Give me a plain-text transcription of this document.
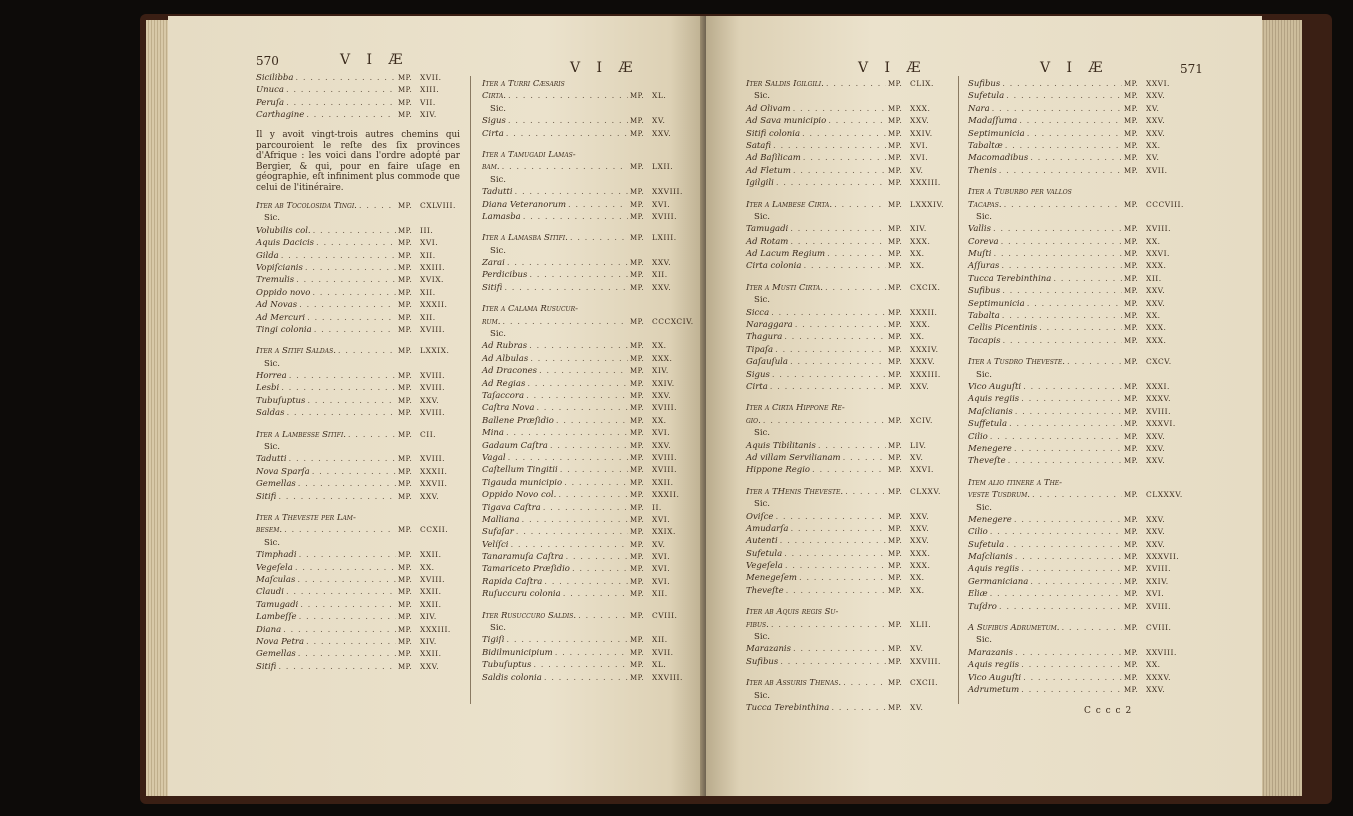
570	V I Æ	V I Æ
Sicilibba . . .	MP.	XVII.
Unuca . . .	MP.	XIII.
Peruſa . . .	MP.	VII.
Carthagine . . .	MP.	XIV.
Il y avoit vingt-trois autres chemins qui parcouroient le reſte des ſix provinces d'Afrique : les voici dans l'ordre adopté par Bergier, & qui, pour en faire uſage en géographie, eſt infiniment plus commode que celui de l'itinéraire.
Iter ab Tocolosida Tingi. . . .	MP.	CXLVIII.
Sic.
Volubilis col. . . .	MP.	III.
Aquis Dacicis . . .	MP.	XVI.
Gilda . . .	MP.	XII.
Vopiſcianis . . .	MP.	XXIII.
Tremulis . . .	MP.	XVIX.
Oppido novo . . .	MP.	XII.
Ad Novas . . .	MP.	XXXII.
Ad Mercuri . . .	MP.	XII.
Tingi colonia . . .	MP.	XVIII.
Iter a Sitifi Saldas. . . .	MP.	LXXIX.
Sic.
Horrea . . .	MP.	XVIII.
Lesbi . . .	MP.	XVIII.
Tubuſuptus . . .	MP.	XXV.
Saldas . . .	MP.	XVIII.
Iter a Lambesse Sitifi. . . .	MP.	CII.
Sic.
Tadutti . . .	MP.	XVIII.
Nova Sparſa . . .	MP.	XXXII.
Gemellas . . .	MP.	XXVII.
Sitifi . . .	MP.	XXV.
Iter a Theveste per Lam-
besem. . . .	MP.	CCXII.
Sic.
Timphadi . . .	MP.	XXII.
Vegeſela . . .	MP.	XX.
Maſculas . . .	MP.	XVIII.
Claudi . . .	MP.	XXII.
Tamugadi . . .	MP.	XXII.
Lambeſſe . . .	MP.	XIV.
Diana . . .	MP.	XXXIII.
Nova Petra . . .	MP.	XIV.
Gemellas . . .	MP.	XXII.
Sitifi . . .	MP.	XXV.
Iter a Turri Cæsaris
Cirta. . . .	MP.	XL.
Sic.
Sigus . . .	MP.	XV.
Cirta . . .	MP.	XXV.
Iter a Tamugadi Lamas-
bam. . . .	MP.	LXII.
Sic.
Tadutti . . .	MP.	XXVIII.
Diana Veteranorum . . .	MP.	XVI.
Lamasba . . .	MP.	XVIII.
Iter a Lamasba Sitifi. . . .	MP.	LXIII.
Sic.
Zarai . . .	MP.	XXV.
Perdicibus . . .	MP.	XII.
Sitifi . . .	MP.	XXV.
Iter a Calama Rusucur-
rum. . . .	MP.	CCCXCIV.
Sic.
Ad Rubras . . .	MP.	XX.
Ad Albulas . . .	MP.	XXX.
Ad Dracones . . .	MP.	XIV.
Ad Regias . . .	MP.	XXIV.
Taſaccora . . .	MP.	XXV.
Caſtra Nova . . .	MP.	XVIII.
Ballene Præſidio . . .	MP.	XX.
Mina . . .	MP.	XVI.
Gadaum Caſtra . . .	MP.	XXV.
Vagal . . .	MP.	XVIII.
Caſtellum Tingitii . . .	MP.	XVIII.
Tigauda municipio . . .	MP.	XXII.
Oppido Novo col. . . .	MP.	XXXII.
Tigava Caſtra . . .	MP.	II.
Malliana . . .	MP.	XVI.
Sufaſar . . .	MP.	XXIX.
Velíſci . . .	MP.	XV.
Tanaramuſa Caſtra . . .	MP.	XVI.
Tamariceto Præſidio . . .	MP.	XVI.
Rapida Caſtra . . .	MP.	XVI.
Ruſuccuru colonia . . .	MP.	XII.
Iter Rusuccuro Saldis. . . .	MP.	CVIII.
Sic.
Tigiſi . . .	MP.	XII.
Bidilmunicipium . . .	MP.	XVII.
Tubuſuptus . . .	MP.	XL.
Saldis colonia . . .	MP.	XXVIII.
V I Æ	V I Æ	571
Iter Saldis Igilgili. . . .	MP.	CLIX.
Sic.
Ad Olivam . . .	MP.	XXX.
Ad Sava municipio . . .	MP.	XXV.
Sitifi colonia . . .	MP.	XXIV.
Satafi . . .	MP.	XVI.
Ad Baſilicam . . .	MP.	XVI.
Ad Fletum . . .	MP.	XV.
Igilgili . . .	MP.	XXXIII.
Iter a Lambese Cirta. . . .	MP.	LXXXIV.
Sic.
Tamugadi . . .	MP.	XIV.
Ad Rotam . . .	MP.	XXX.
Ad Lacum Regium . . .	MP.	XX.
Cirta colonia . . .	MP.	XX.
Iter a Musti Cirta. . . .	MP.	CXCIX.
Sic.
Sicca . . .	MP.	XXXII.
Naraggara . . .	MP.	XXX.
Thagura . . .	MP.	XX.
Tipaſa . . .	MP.	XXXIV.
Gaſauſula . . .	MP.	XXXV.
Sigus . . .	MP.	XXXIII.
Cirta . . .	MP.	XXV.
Iter a Cirta Hippone Re-
gio. . . .	MP.	XCIV.
Sic.
Aquis Tibilitanis . . .	MP.	LIV.
Ad villam Servilianam . . .	MP.	XV.
Hippone Regio . . .	MP.	XXVI.
Iter a THenis Theveste. . . .	MP.	CLXXV.
Sic.
Oviſce . . .	MP.	XXV.
Amudarſa . . .	MP.	XXV.
Autenti . . .	MP.	XXV.
Sufetula . . .	MP.	XXX.
Vegeſela . . .	MP.	XXX.
Menegeſem . . .	MP.	XX.
Theveſte . . .	MP.	XX.
Iter ab Aquis regis Su-
fibus. . . .	MP.	XLII.
Sic.
Marazanis . . .	MP.	XV.
Sufibus . . .	MP.	XXVIII.
Iter ab Assuris Thenas. . . .	MP.	CXCII.
Sic.
Tucca Terebinthina . . .	MP.	XV.
Sufibus . . .	MP.	XXVI.
Sufetula . . .	MP.	XXV.
Nara . . .	MP.	XV.
Madaſſuma . . .	MP.	XXV.
Septimunicia . . .	MP.	XXV.
Tabaltæ . . .	MP.	XX.
Macomadibus . . .	MP.	XV.
Thenis . . .	MP.	XVII.
Iter a Tuburbo per vallos
Tacapas. . . .	MP.	CCCVIII.
Sic.
Vallis . . .	MP.	XVIII.
Coreva . . .	MP.	XX.
Muſti . . .	MP.	XXVI.
Aſſuras . . .	MP.	XXX.
Tucca Terebinthina . . .	MP.	XII.
Sufibus . . .	MP.	XXV.
Septimunicia . . .	MP.	XXV.
Tabalta . . .	MP.	XX.
Cellis Picentinis . . .	MP.	XXX.
Tacapis . . .	MP.	XXX.
Iter a Tusdro Theveste. . . .	MP.	CXCV.
Sic.
Vico Auguſti . . .	MP.	XXXI.
Aquis regiis . . .	MP.	XXXV.
Maſclianis . . .	MP.	XVIII.
Suffetula . . .	MP.	XXXVI.
Cilio . . .	MP.	XXV.
Menegere . . .	MP.	XXV.
Theveſte . . .	MP.	XXV.
Item alio itinere a The-
veste Tusdrum. . . .	MP.	CLXXXV.
Sic.
Menegere . . .	MP.	XXV.
Cilio . . .	MP.	XXV.
Sufetula . . .	MP.	XXV.
Maſclianis . . .	MP.	XXXVII.
Aquis regiis . . .	MP.	XVIII.
Germaniciana . . .	MP.	XXIV.
Eliæ . . .	MP.	XVI.
Tuſdro . . .	MP.	XVIII.
A Sufibus Adrumetum. . . .	MP.	CVIII.
Sic.
Marazanis . . .	MP.	XXVIII.
Aquis regiis . . .	MP.	XX.
Vico Auguſti . . .	MP.	XXXV.
Adrumetum . . .	MP.	XXV.
C c c c 2
